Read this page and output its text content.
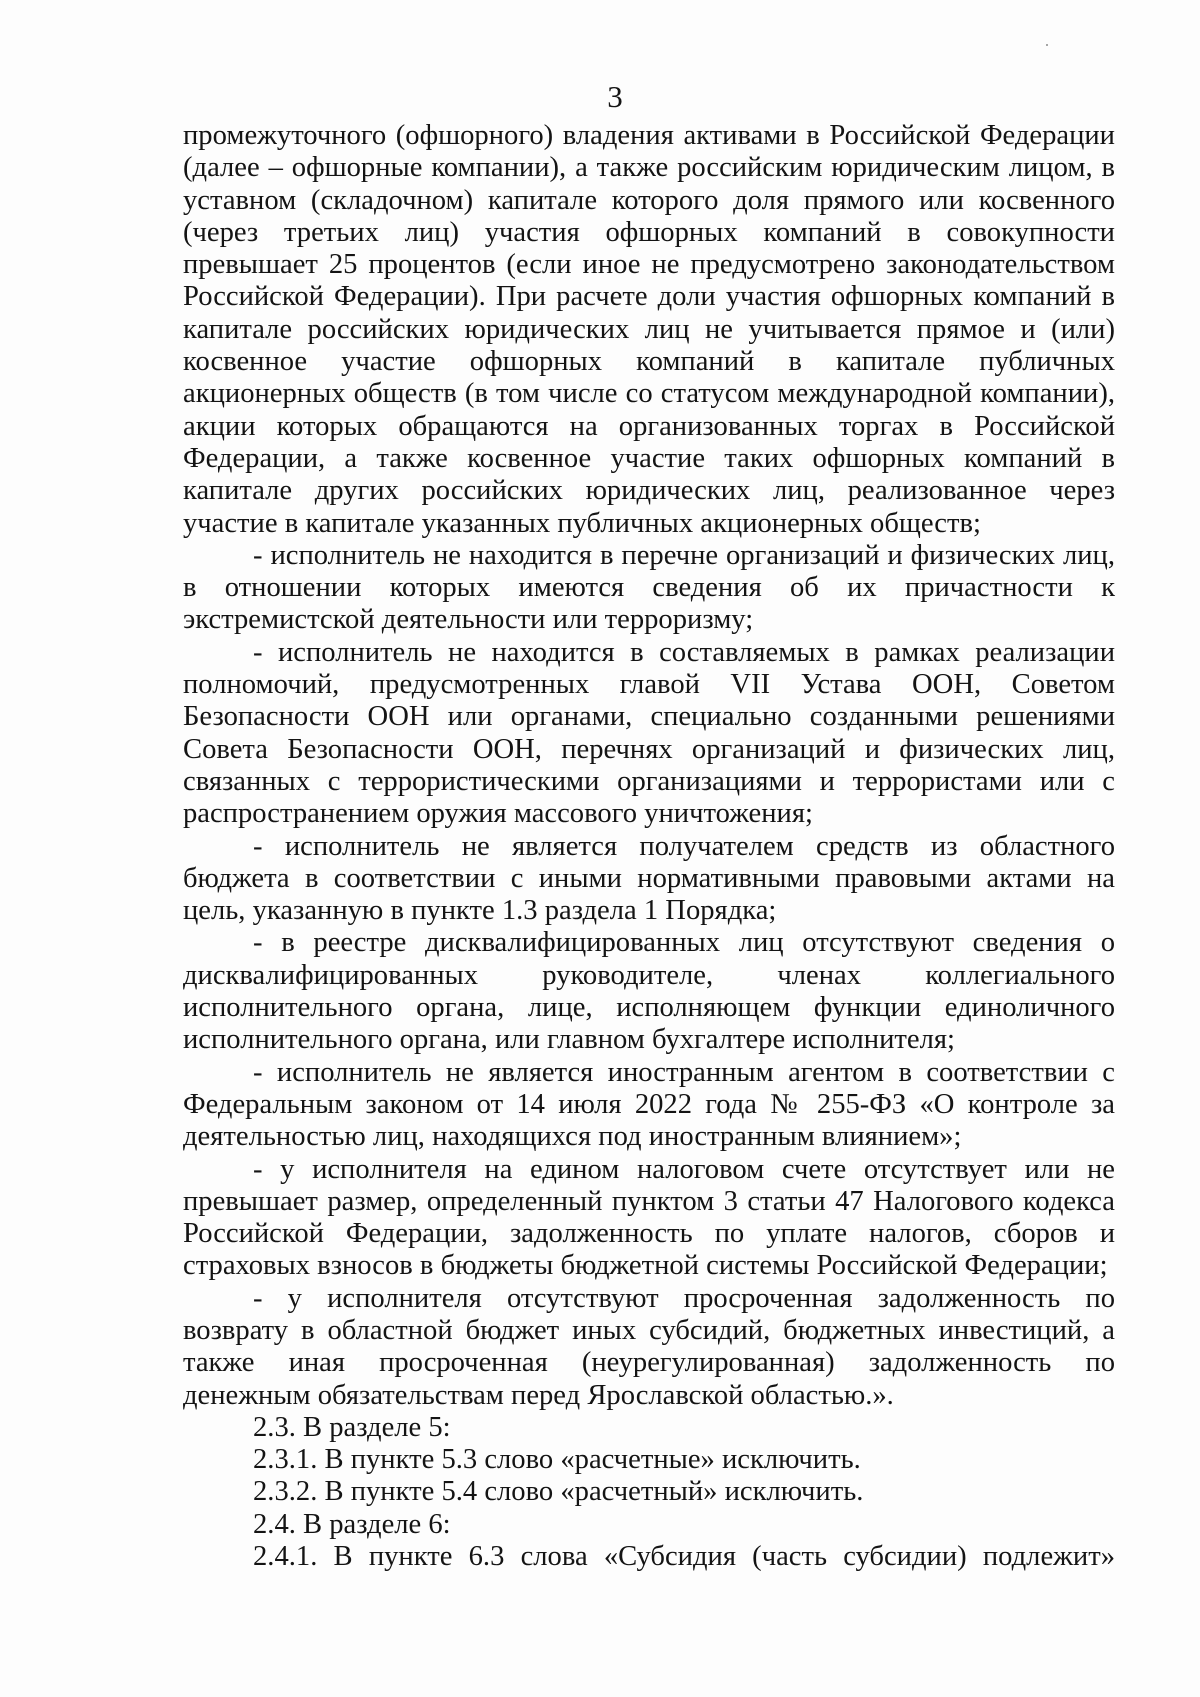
3

промежуточного (офшорного) владения активами в Российской Федерации (далее – офшорные компании), а также российским юридическим лицом, в уставном (складочном) капитале которого доля прямого или косвенного (через третьих лиц) участия офшорных компаний в совокупности превышает 25 процентов (если иное не предусмотрено законодательством Российской Федерации). При расчете доли участия офшорных компаний в капитале российских юридических лиц не учитывается прямое и (или) косвенное участие офшорных компаний в капитале публичных акционерных обществ (в том числе со статусом международной компании), акции которых обращаются на организованных торгах в Российской Федерации, а также косвенное участие таких офшорных компаний в капитале других российских юридических лиц, реализованное через участие в капитале указанных публичных акционерных обществ;

- исполнитель не находится в перечне организаций и физических лиц, в отношении которых имеются сведения об их причастности к экстремистской деятельности или терроризму;

- исполнитель не находится в составляемых в рамках реализации полномочий, предусмотренных главой VII Устава ООН, Советом Безопасности ООН или органами, специально созданными решениями Совета Безопасности ООН, перечнях организаций и физических лиц, связанных с террористическими организациями и террористами или с распространением оружия массового уничтожения;

- исполнитель не является получателем средств из областного бюджета в соответствии с иными нормативными правовыми актами на цель, указанную в пункте 1.3 раздела 1 Порядка;

- в реестре дисквалифицированных лиц отсутствуют сведения о дисквалифицированных руководителе, членах коллегиального исполнительного органа, лице, исполняющем функции единоличного исполнительного органа, или главном бухгалтере исполнителя;

- исполнитель не является иностранным агентом в соответствии с Федеральным законом от 14 июля 2022 года № 255-ФЗ «О контроле за деятельностью лиц, находящихся под иностранным влиянием»;

- у исполнителя на едином налоговом счете отсутствует или не превышает размер, определенный пунктом 3 статьи 47 Налогового кодекса Российской Федерации, задолженность по уплате налогов, сборов и страховых взносов в бюджеты бюджетной системы Российской Федерации;

- у исполнителя отсутствуют просроченная задолженность по возврату в областной бюджет иных субсидий, бюджетных инвестиций, а также иная просроченная (неурегулированная) задолженность по денежным обязательствам перед Ярославской областью.».

2.3. В разделе 5:

2.3.1. В пункте 5.3 слово «расчетные» исключить.

2.3.2. В пункте 5.4 слово «расчетный» исключить.

2.4. В разделе 6:

2.4.1. В пункте 6.3 слова «Субсидия (часть субсидии) подлежит»
